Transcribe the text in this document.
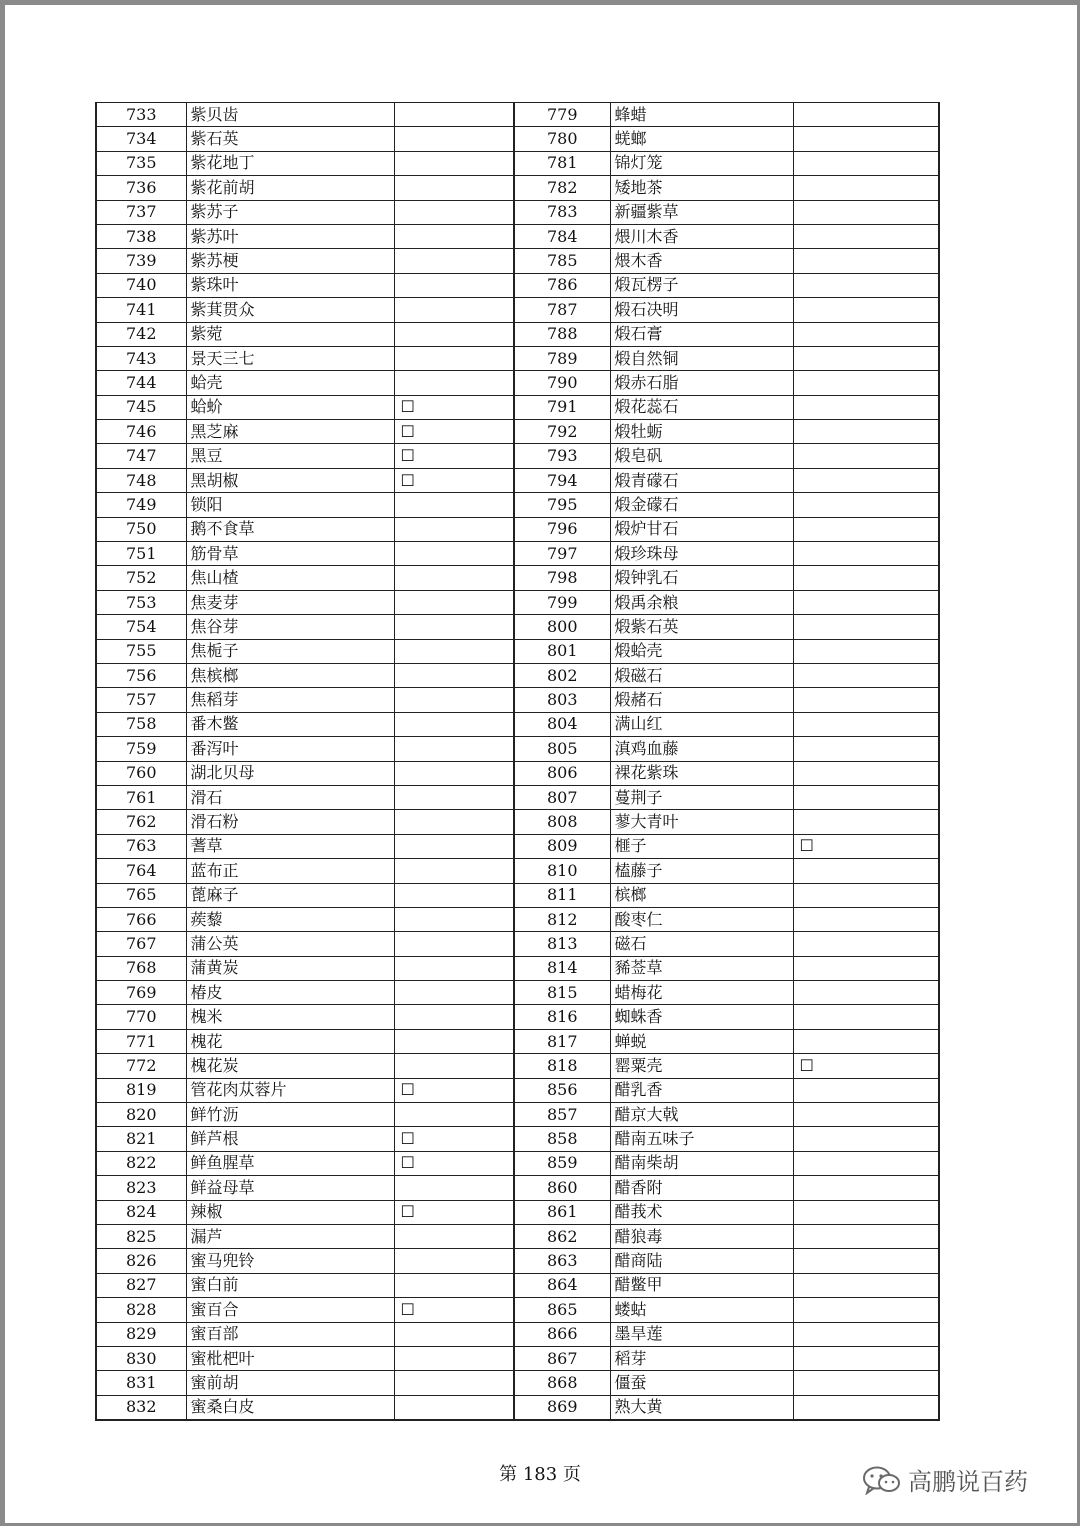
733	紫贝齿			779	蜂蜡	
734	紫石英			780	蜣螂	
735	紫花地丁			781	锦灯笼	
736	紫花前胡			782	矮地茶	
737	紫苏子			783	新疆紫草	
738	紫苏叶			784	煨川木香	
739	紫苏梗			785	煨木香	
740	紫珠叶			786	煅瓦楞子	
741	紫萁贯众			787	煅石决明	
742	紫菀			788	煅石膏	
743	景天三七			789	煅自然铜	
744	蛤壳			790	煅赤石脂	
745	蛤蚧	☐		791	煅花蕊石	
746	黑芝麻	☐		792	煅牡蛎	
747	黑豆	☐		793	煅皂矾	
748	黑胡椒	☐		794	煅青礞石	
749	锁阳			795	煅金礞石	
750	鹅不食草			796	煅炉甘石	
751	筋骨草			797	煅珍珠母	
752	焦山楂			798	煅钟乳石	
753	焦麦芽			799	煅禹余粮	
754	焦谷芽			800	煅紫石英	
755	焦栀子			801	煅蛤壳	
756	焦槟榔			802	煅磁石	
757	焦稻芽			803	煅赭石	
758	番木鳖			804	满山红	
759	番泻叶			805	滇鸡血藤	
760	湖北贝母			806	裸花紫珠	
761	滑石			807	蔓荆子	
762	滑石粉			808	蓼大青叶	
763	蓍草			809	榧子	☐
764	蓝布正			810	榼藤子	
765	蓖麻子			811	槟榔	
766	蒺藜			812	酸枣仁	
767	蒲公英			813	磁石	
768	蒲黄炭			814	豨莶草	
769	椿皮			815	蜡梅花	
770	槐米			816	蜘蛛香	
771	槐花			817	蝉蜕	
772	槐花炭			818	罂粟壳	☐
819	管花肉苁蓉片	☐		856	醋乳香	
820	鲜竹沥			857	醋京大戟	
821	鲜芦根	☐		858	醋南五味子	
822	鲜鱼腥草	☐		859	醋南柴胡	
823	鲜益母草			860	醋香附	
824	辣椒	☐		861	醋莪术	
825	漏芦			862	醋狼毒	
826	蜜马兜铃			863	醋商陆	
827	蜜白前			864	醋鳖甲	
828	蜜百合	☐		865	蝼蛄	
829	蜜百部			866	墨旱莲	
830	蜜枇杷叶			867	稻芽	
831	蜜前胡			868	僵蚕	
832	蜜桑白皮			869	熟大黄	
第 183 页	高鹏说百药
